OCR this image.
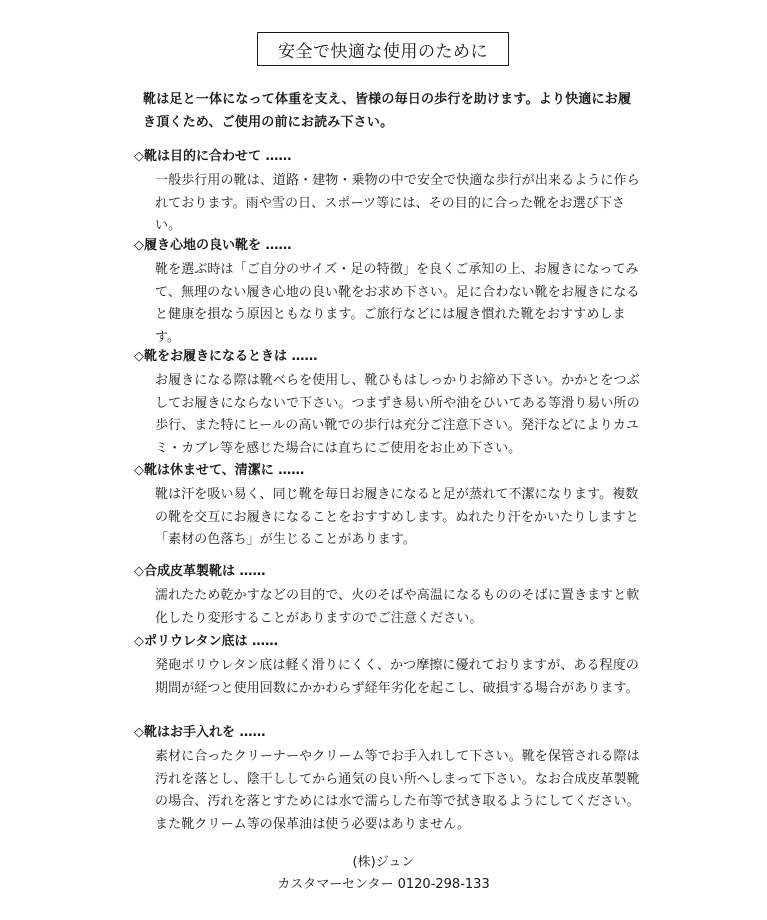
安全で快適な使用のために
靴は足と一体になって体重を支え、皆様の毎日の歩行を助けます。より快適にお履き頂くため、ご使用の前にお読み下さい。

◇靴は目的に合わせて ……

一般歩行用の靴は、道路・建物・乗物の中で安全で快適な歩行が出来るように作られております。雨や雪の日、スポーツ等には、その目的に合った靴をお選び下さい。

◇履き心地の良い靴を ……

靴を選ぶ時は「ご自分のサイズ・足の特徴」を良くご承知の上、お履きになってみて、無理のない履き心地の良い靴をお求め下さい。足に合わない靴をお履きになると健康を損なう原因ともなります。ご旅行などには履き慣れた靴をおすすめします。

◇靴をお履きになるときは ……

お履きになる際は靴べらを使用し、靴ひもはしっかりお締め下さい。かかとをつぶしてお履きにならないで下さい。つまずき易い所や油をひいてある等滑り易い所の歩行、また特にヒールの高い靴での歩行は充分ご注意下さい。発汗などによりカユミ・カブレ等を感じた場合には直ちにご使用をお止め下さい。

◇靴は休ませて、清潔に ……

靴は汗を吸い易く、同じ靴を毎日お履きになると足が蒸れて不潔になります。複数の靴を交互にお履きになることをおすすめします。ぬれたり汗をかいたりしますと「素材の色落ち」が生じることがあります。

◇合成皮革製靴は ……

濡れたため乾かすなどの目的で、火のそばや高温になるもののそばに置きますと軟化したり変形することがありますのでご注意ください。

◇ポリウレタン底は ……

発砲ポリウレタン底は軽く滑りにくく、かつ摩擦に優れておりますが、ある程度の期間が経つと使用回数にかかわらず経年劣化を起こし、破損する場合があります。

◇靴はお手入れを ……

素材に合ったクリーナーやクリーム等でお手入れして下さい。靴を保管される際は汚れを落とし、陰干ししてから通気の良い所へしまって下さい。なお合成皮革製靴の場合、汚れを落とすためには水で濡らした布等で拭き取るようにしてください。また靴クリーム等の保革油は使う必要はありません。
(株)ジュン
カスタマーセンター 0120-298-133
